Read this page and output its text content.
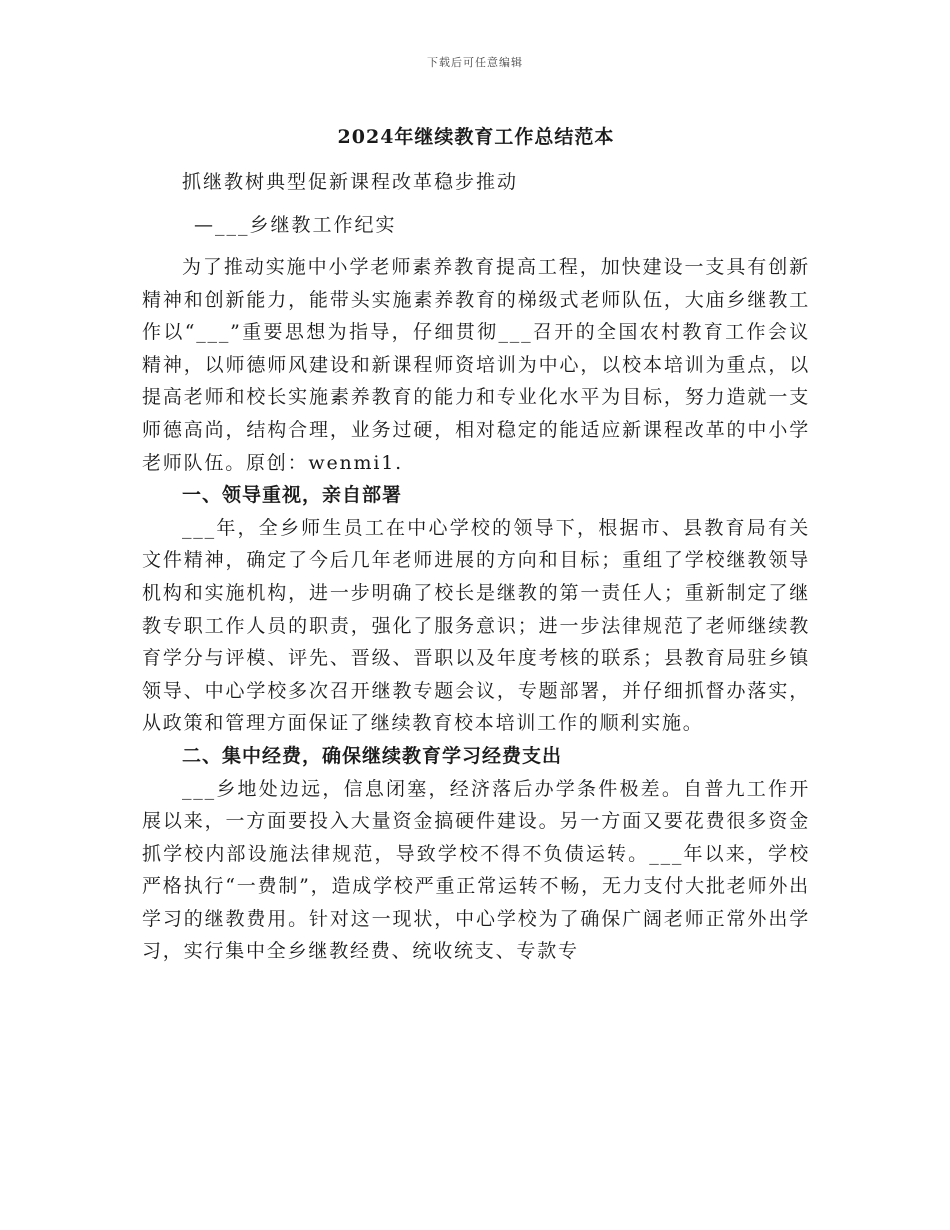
下载后可任意编辑
2024年继续教育工作总结范本
抓继教树典型促新课程改革稳步推动
—___乡继教工作纪实

为了推动实施中小学老师素养教育提高工程，加快建设一支具有创新精神和创新能力，能带头实施素养教育的梯级式老师队伍，大庙乡继教工作以“___”重要思想为指导，仔细贯彻___召开的全国农村教育工作会议精神，以师德师风建设和新课程师资培训为中心，以校本培训为重点，以提高老师和校长实施素养教育的能力和专业化水平为目标，努力造就一支师德高尚，结构合理，业务过硬，相对稳定的能适应新课程改革的中小学老师队伍。原创：wenmi1.

一、领导重视，亲自部署

___年，全乡师生员工在中心学校的领导下，根据市、县教育局有关文件精神，确定了今后几年老师进展的方向和目标；重组了学校继教领导机构和实施机构，进一步明确了校长是继教的第一责任人；重新制定了继教专职工作人员的职责，强化了服务意识；进一步法律规范了老师继续教育学分与评模、评先、晋级、晋职以及年度考核的联系；县教育局驻乡镇领导、中心学校多次召开继教专题会议，专题部署，并仔细抓督办落实，从政策和管理方面保证了继续教育校本培训工作的顺利实施。

二、集中经费，确保继续教育学习经费支出

___乡地处边远，信息闭塞，经济落后办学条件极差。自普九工作开展以来，一方面要投入大量资金搞硬件建设。另一方面又要花费很多资金抓学校内部设施法律规范，导致学校不得不负债运转。___年以来，学校严格执行“一费制”，造成学校严重正常运转不畅，无力支付大批老师外出学习的继教费用。针对这一现状，中心学校为了确保广阔老师正常外出学习，实行集中全乡继教经费、统收统支、专款专
